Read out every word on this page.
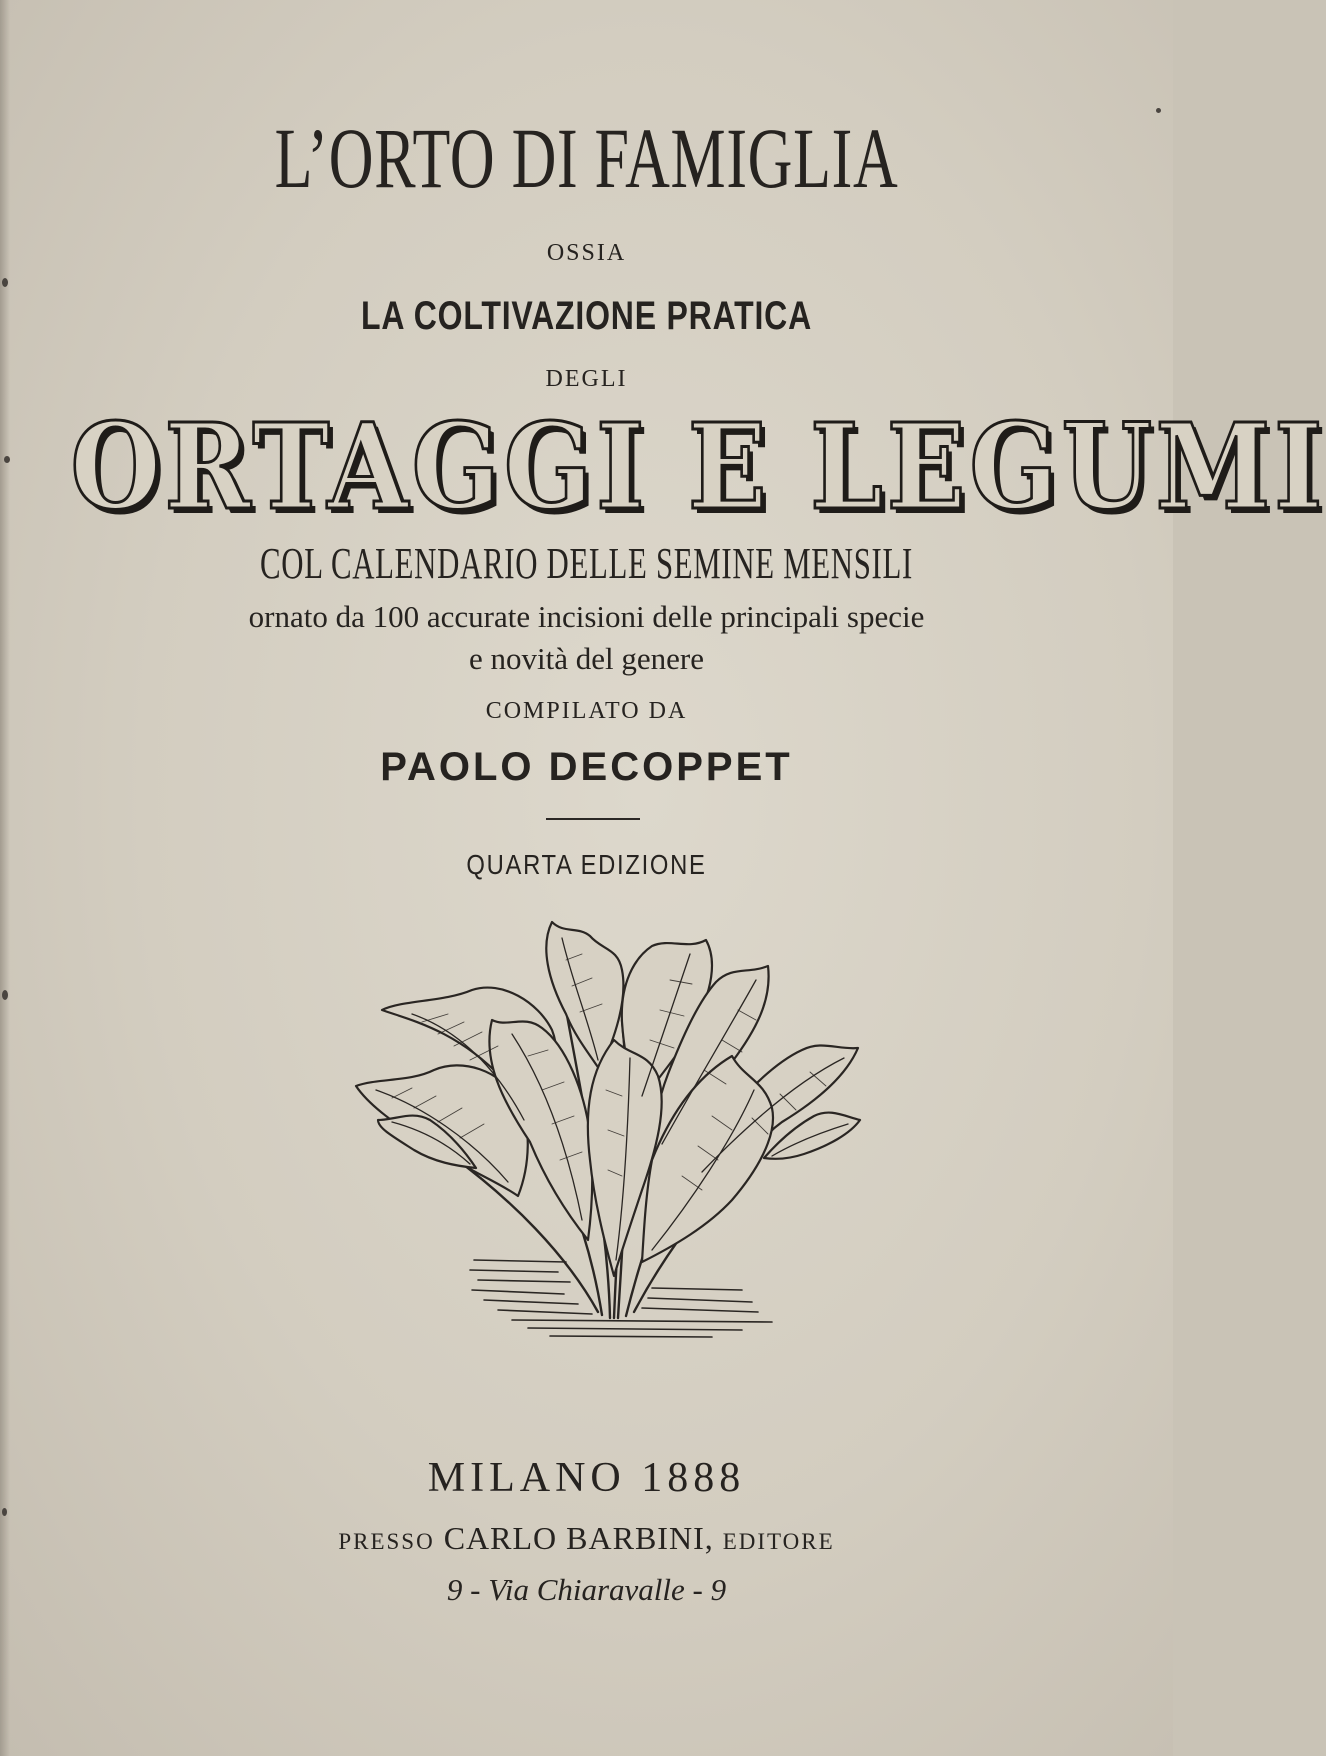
L’ORTO DI FAMIGLIA
OSSIA
LA COLTIVAZIONE PRATICA
DEGLI
ORTAGGI E LEGUMI
COL CALENDARIO DELLE SEMINE MENSILI
ornato da 100 accurate incisioni delle principali specie
e novità del genere
COMPILATO DA
PAOLO DECOPPET
QUARTA EDIZIONE
MILANO 1888
PRESSO CARLO BARBINI, EDITORE
9 - Via Chiaravalle - 9
